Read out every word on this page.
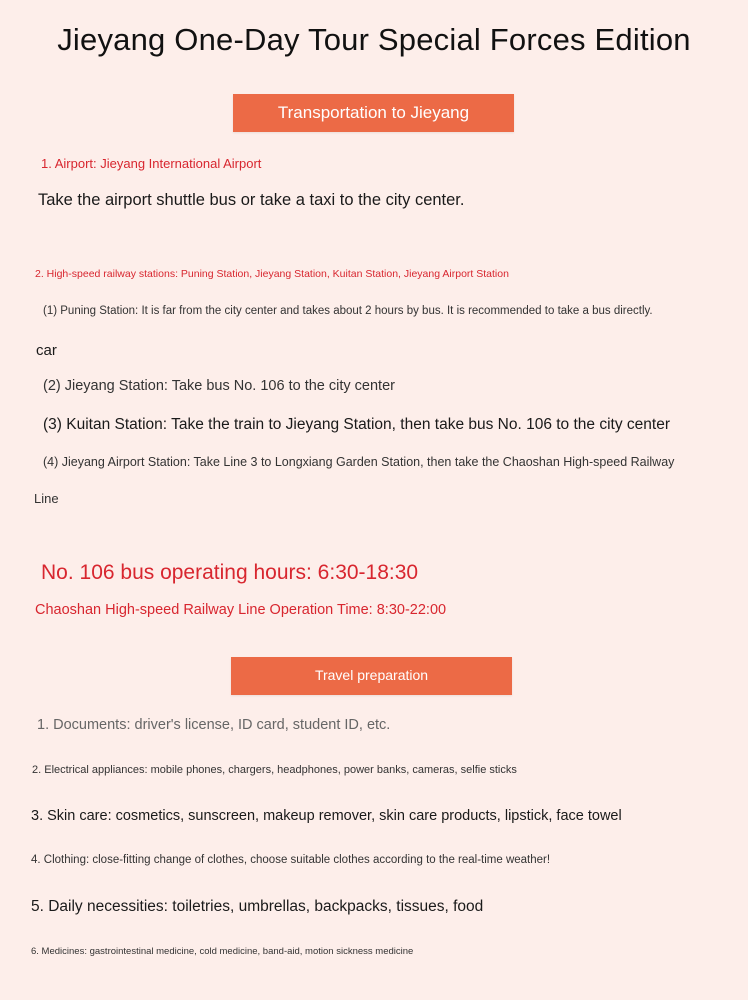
Jieyang One-Day Tour Special Forces Edition
Transportation to Jieyang
1. Airport: Jieyang International Airport
Take the airport shuttle bus or take a taxi to the city center.
2. High-speed railway stations: Puning Station, Jieyang Station, Kuitan Station, Jieyang Airport Station
(1) Puning Station: It is far from the city center and takes about 2 hours by bus. It is recommended to take a bus directly.
car
(2) Jieyang Station: Take bus No. 106 to the city center
(3) Kuitan Station: Take the train to Jieyang Station, then take bus No. 106 to the city center
(4) Jieyang Airport Station: Take Line 3 to Longxiang Garden Station, then take the Chaoshan High-speed Railway
Line
No. 106 bus operating hours: 6:30-18:30
Chaoshan High-speed Railway Line Operation Time: 8:30-22:00
Travel preparation
1. Documents: driver's license, ID card, student ID, etc.
2. Electrical appliances: mobile phones, chargers, headphones, power banks, cameras, selfie sticks
3. Skin care: cosmetics, sunscreen, makeup remover, skin care products, lipstick, face towel
4. Clothing: close-fitting change of clothes, choose suitable clothes according to the real-time weather!
5. Daily necessities: toiletries, umbrellas, backpacks, tissues, food
6. Medicines: gastrointestinal medicine, cold medicine, band-aid, motion sickness medicine
